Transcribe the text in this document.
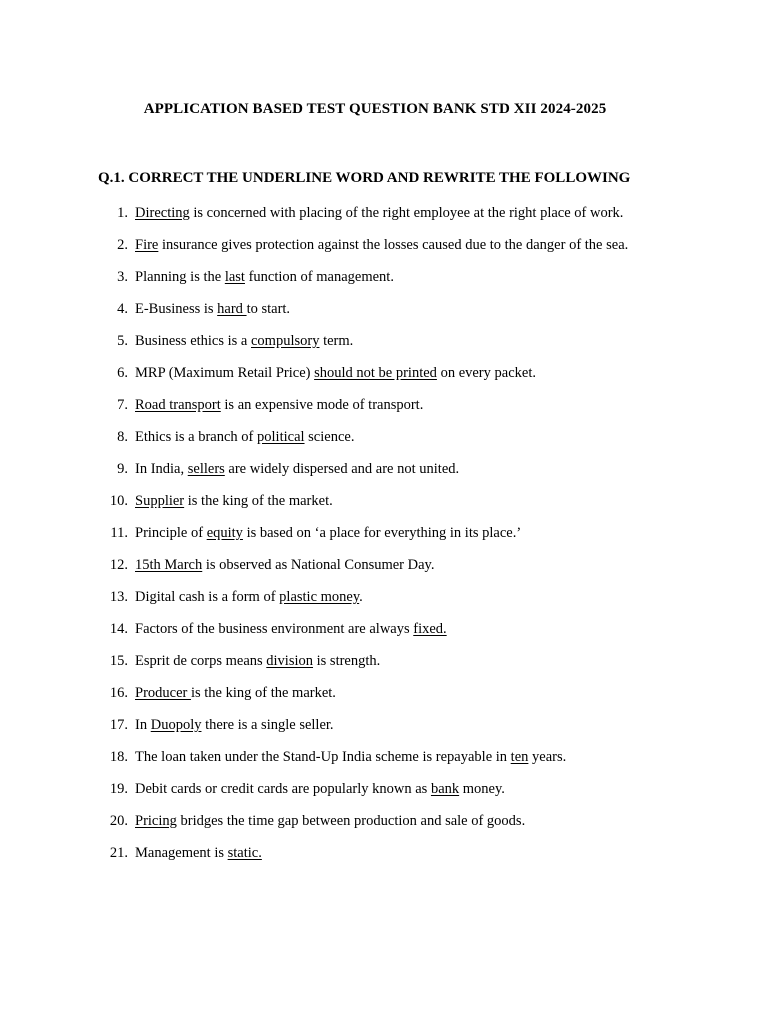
APPLICATION BASED TEST QUESTION BANK STD XII 2024-2025
Q.1. CORRECT THE UNDERLINE WORD AND REWRITE THE FOLLOWING
1. Directing is concerned with placing of the right employee at the right place of work.
2. Fire insurance gives protection against the losses caused due to the danger of the sea.
3. Planning is the last function of management.
4. E-Business is hard to start.
5. Business ethics is a compulsory term.
6. MRP (Maximum Retail Price) should not be printed on every packet.
7. Road transport is an expensive mode of transport.
8. Ethics is a branch of political science.
9. In India, sellers are widely dispersed and are not united.
10. Supplier is the king of the market.
11. Principle of equity is based on ‘a place for everything in its place.’
12. 15th March is observed as National Consumer Day.
13. Digital cash is a form of plastic money.
14. Factors of the business environment are always fixed.
15. Esprit de corps means division is strength.
16. Producer is the king of the market.
17. In Duopoly there is a single seller.
18. The loan taken under the Stand-Up India scheme is repayable in ten years.
19. Debit cards or credit cards are popularly known as bank money.
20. Pricing bridges the time gap between production and sale of goods.
21. Management is static.
